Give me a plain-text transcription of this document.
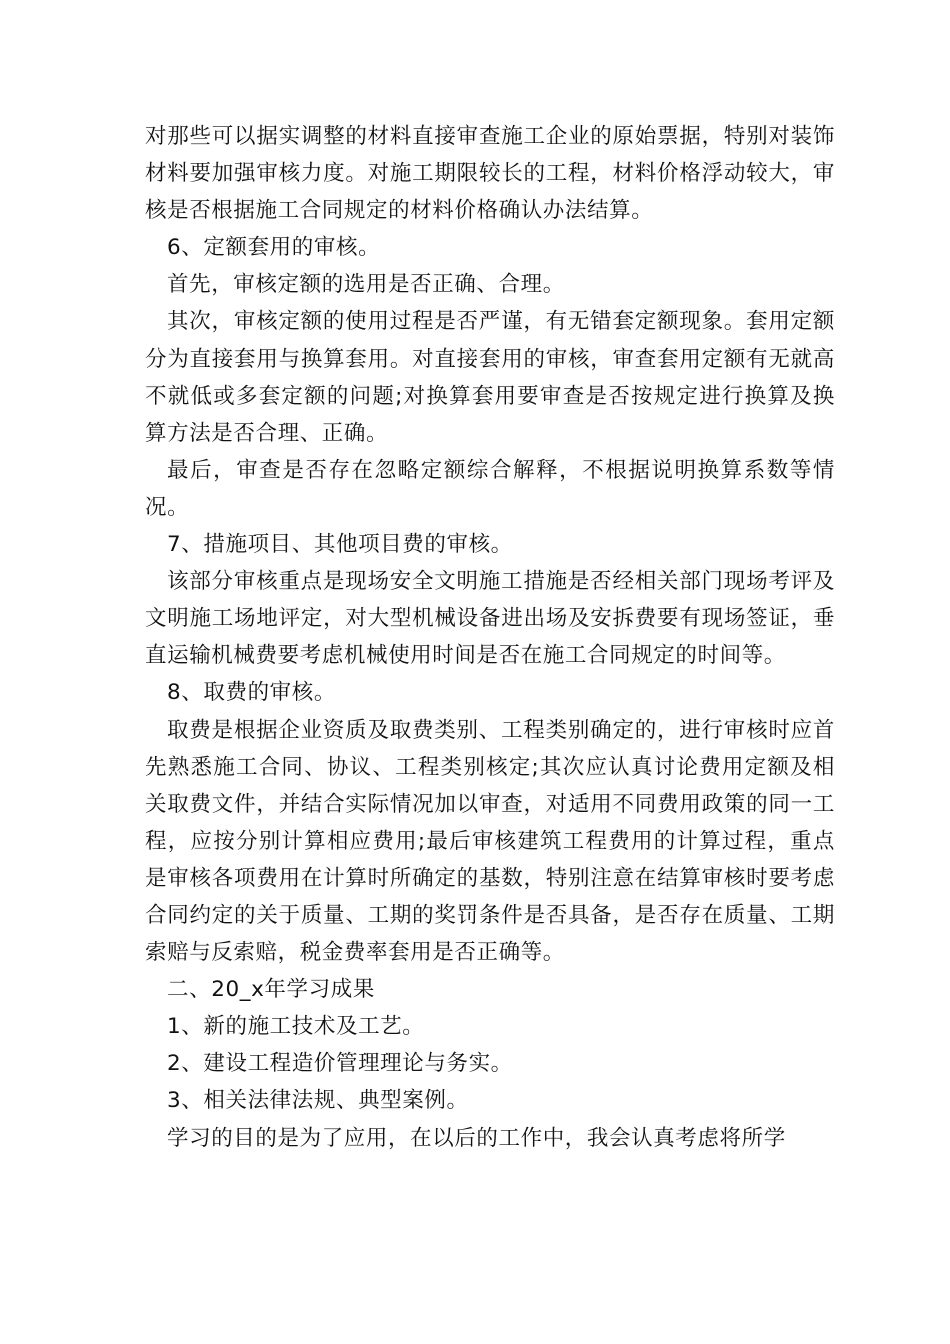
对那些可以据实调整的材料直接审查施工企业的原始票据，特别对装饰材料要加强审核力度。对施工期限较长的工程，材料价格浮动较大，审核是否根据施工合同规定的材料价格确认办法结算。

6、定额套用的审核。

首先，审核定额的选用是否正确、合理。

其次，审核定额的使用过程是否严谨，有无错套定额现象。套用定额分为直接套用与换算套用。对直接套用的审核，审查套用定额有无就高不就低或多套定额的问题;对换算套用要审查是否按规定进行换算及换算方法是否合理、正确。

最后，审查是否存在忽略定额综合解释，不根据说明换算系数等情况。

7、措施项目、其他项目费的审核。

该部分审核重点是现场安全文明施工措施是否经相关部门现场考评及文明施工场地评定，对大型机械设备进出场及安拆费要有现场签证，垂直运输机械费要考虑机械使用时间是否在施工合同规定的时间等。

8、取费的审核。

取费是根据企业资质及取费类别、工程类别确定的，进行审核时应首先熟悉施工合同、协议、工程类别核定;其次应认真讨论费用定额及相关取费文件，并结合实际情况加以审查，对适用不同费用政策的同一工程，应按分别计算相应费用;最后审核建筑工程费用的计算过程，重点是审核各项费用在计算时所确定的基数，特别注意在结算审核时要考虑合同约定的关于质量、工期的奖罚条件是否具备，是否存在质量、工期索赔与反索赔，税金费率套用是否正确等。

二、20_x年学习成果

1、新的施工技术及工艺。

2、建设工程造价管理理论与务实。

3、相关法律法规、典型案例。

学习的目的是为了应用，在以后的工作中，我会认真考虑将所学
